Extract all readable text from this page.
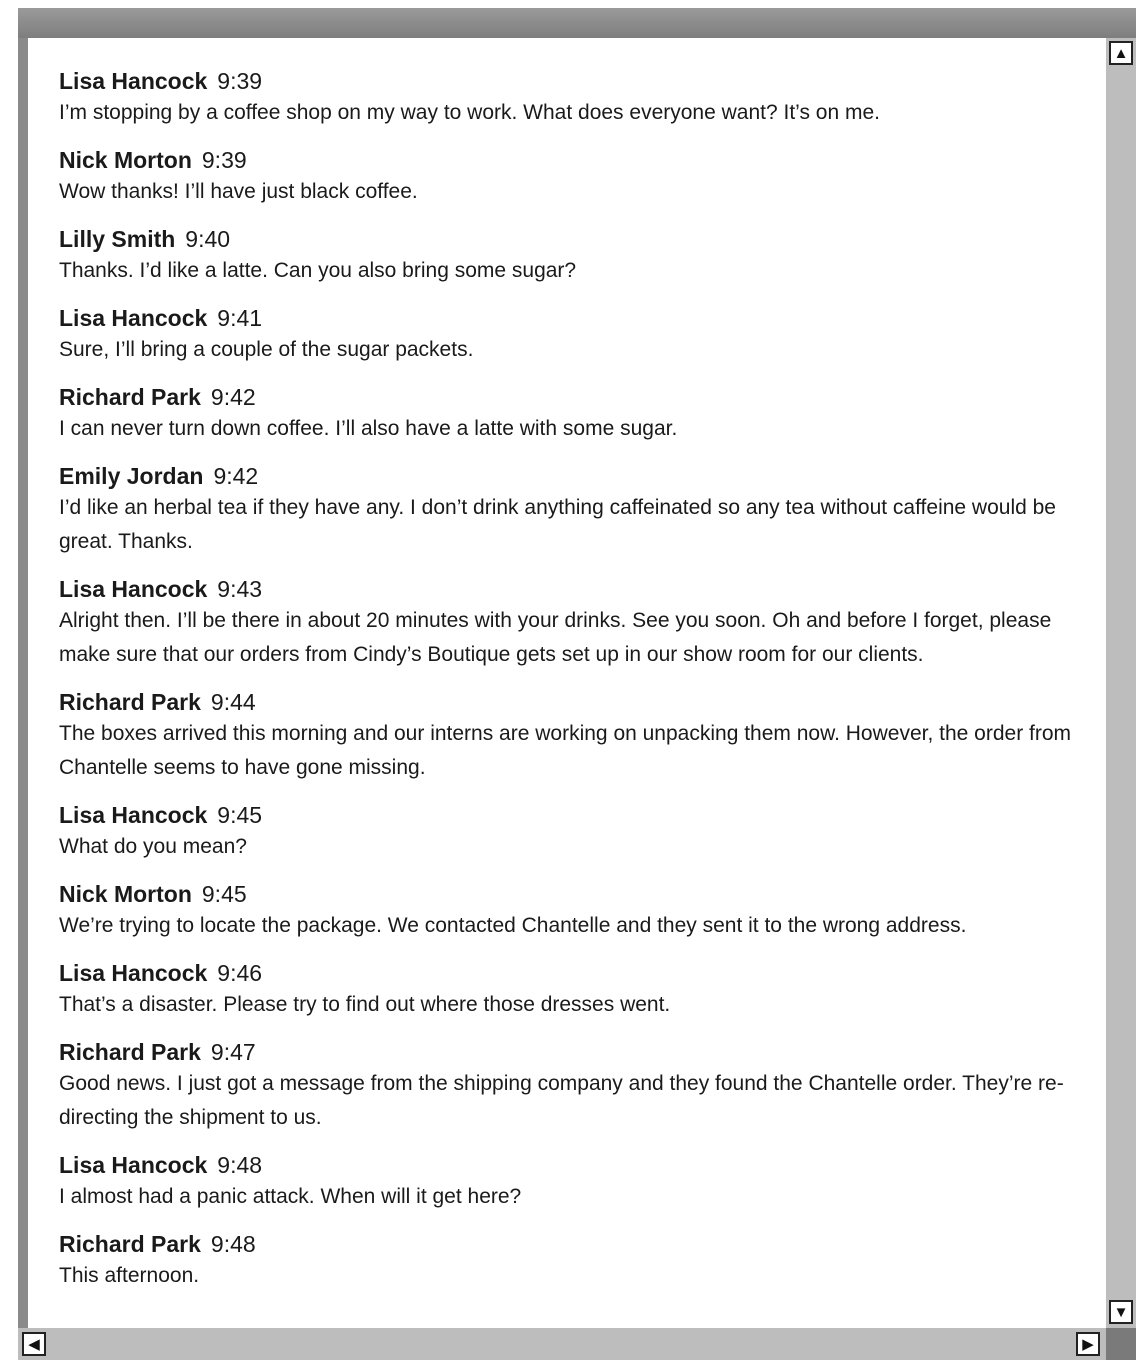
Lisa Hancock 9:39
I’m stopping by a coffee shop on my way to work. What does everyone want? It’s on me.
Nick Morton 9:39
Wow thanks! I’ll have just black coffee.
Lilly Smith 9:40
Thanks. I’d like a latte. Can you also bring some sugar?
Lisa Hancock 9:41
Sure, I’ll bring a couple of the sugar packets.
Richard Park 9:42
I can never turn down coffee. I’ll also have a latte with some sugar.
Emily Jordan 9:42
I’d like an herbal tea if they have any. I don’t drink anything caffeinated so any tea without caffeine would be great. Thanks.
Lisa Hancock 9:43
Alright then. I’ll be there in about 20 minutes with your drinks. See you soon. Oh and before I forget, please make sure that our orders from Cindy’s Boutique gets set up in our show room for our clients.
Richard Park 9:44
The boxes arrived this morning and our interns are working on unpacking them now. However, the order from Chantelle seems to have gone missing.
Lisa Hancock 9:45
What do you mean?
Nick Morton 9:45
We’re trying to locate the package. We contacted Chantelle and they sent it to the wrong address.
Lisa Hancock 9:46
That’s a disaster. Please try to find out where those dresses went.
Richard Park 9:47
Good news. I just got a message from the shipping company and they found the Chantelle order. They’re re-directing the shipment to us.
Lisa Hancock 9:48
I almost had a panic attack. When will it get here?
Richard Park 9:48
This afternoon.
▲
▼
◀	▶
